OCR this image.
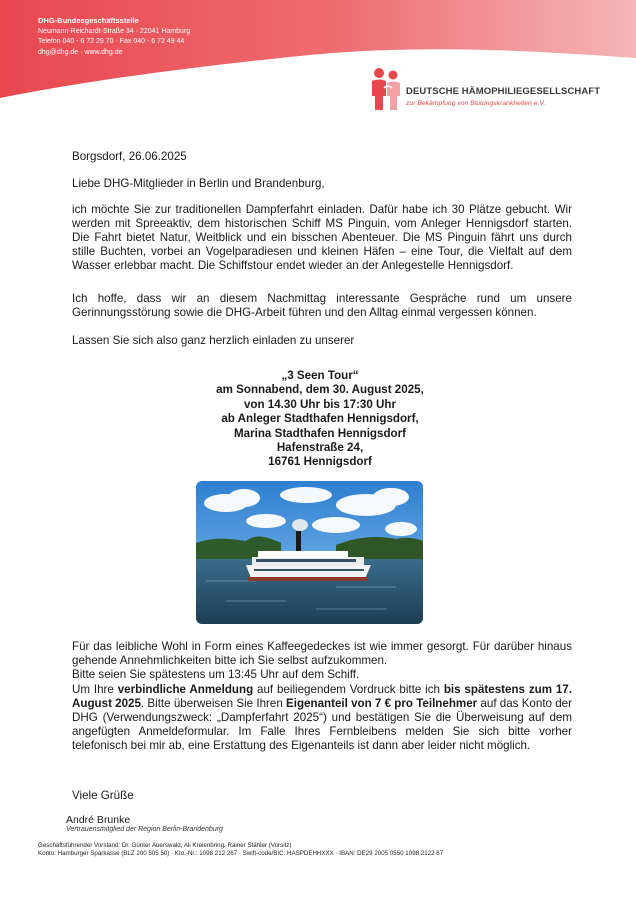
DHG-Bundesgeschäftsstelle
Neumann-Reichardt-Straße 34 · 22041 Hamburg
Telefon 040 - 6 72 29 70 · Fax 040 - 6 72 49 44
dhg@dhg.de · www.dhg.de
DEUTSCHE HÄMOPHILIEGESELLSCHAFT
zur Bekämpfung von Blutungskrankheiten e.V.
Borgsdorf, 26.06.2025
Liebe DHG-Mitglieder in Berlin und Brandenburg,
ich möchte Sie zur traditionellen Dampferfahrt einladen. Dafür habe ich 30 Plätze gebucht. Wir werden mit Spreeaktiv, dem historischen Schiff MS Pinguin, vom Anleger Hennigsdorf starten. Die Fahrt bietet Natur, Weitblick und ein bisschen Abenteuer. Die MS Pinguin fährt uns durch stille Buchten, vorbei an Vogelparadiesen und kleinen Häfen – eine Tour, die Vielfalt auf dem Wasser erlebbar macht. Die Schiffstour endet wieder an der Anlegestelle Hennigsdorf.
Ich hoffe, dass wir an diesem Nachmittag interessante Gespräche rund um unsere Gerinnungsstörung sowie die DHG-Arbeit führen und den Alltag einmal vergessen können.
Lassen Sie sich also ganz herzlich einladen zu unserer
„3 Seen Tour“
am Sonnabend, dem 30. August 2025,
von 14.30 Uhr bis 17:30 Uhr
ab Anleger Stadthafen Hennigsdorf,
Marina Stadthafen Hennigsdorf
Hafenstraße 24,
16761 Hennigsdorf
Für das leibliche Wohl in Form eines Kaffeegedeckes ist wie immer gesorgt. Für darüber hinaus gehende Annehmlichkeiten bitte ich Sie selbst aufzukommen.
Bitte seien Sie spätestens um 13:45 Uhr auf dem Schiff.
Um Ihre verbindliche Anmeldung auf beiliegendem Vordruck bitte ich bis spätestens zum 17. August 2025. Bitte überweisen Sie Ihren Eigenanteil von 7 € pro Teilnehmer auf das Konto der DHG (Verwendungszweck: „Dampferfahrt 2025“) und bestätigen Sie die Überweisung auf dem angefügten Anmeldeformular. Im Falle Ihres Fernbleibens melden Sie sich bitte vorher telefonisch bei mir ab, eine Erstattung des Eigenanteils ist dann aber leider nicht möglich.
Viele Grüße
André Brunke
Vertrauensmitglied der Region Berlin-Brandenburg
Geschäftsführender Vorstand: Dr. Günter Auerswald, Ali Kreienbring, Rainer Stähler (Vorsitz)
Konto: Hamburger Sparkasse (BLZ 200 505 50) · Kto.-Nr.: 1098 212 267 · Swift-code/BIC: HASPDEHHXXX · IBAN: DE29 2005 0550 1098 2122 67
